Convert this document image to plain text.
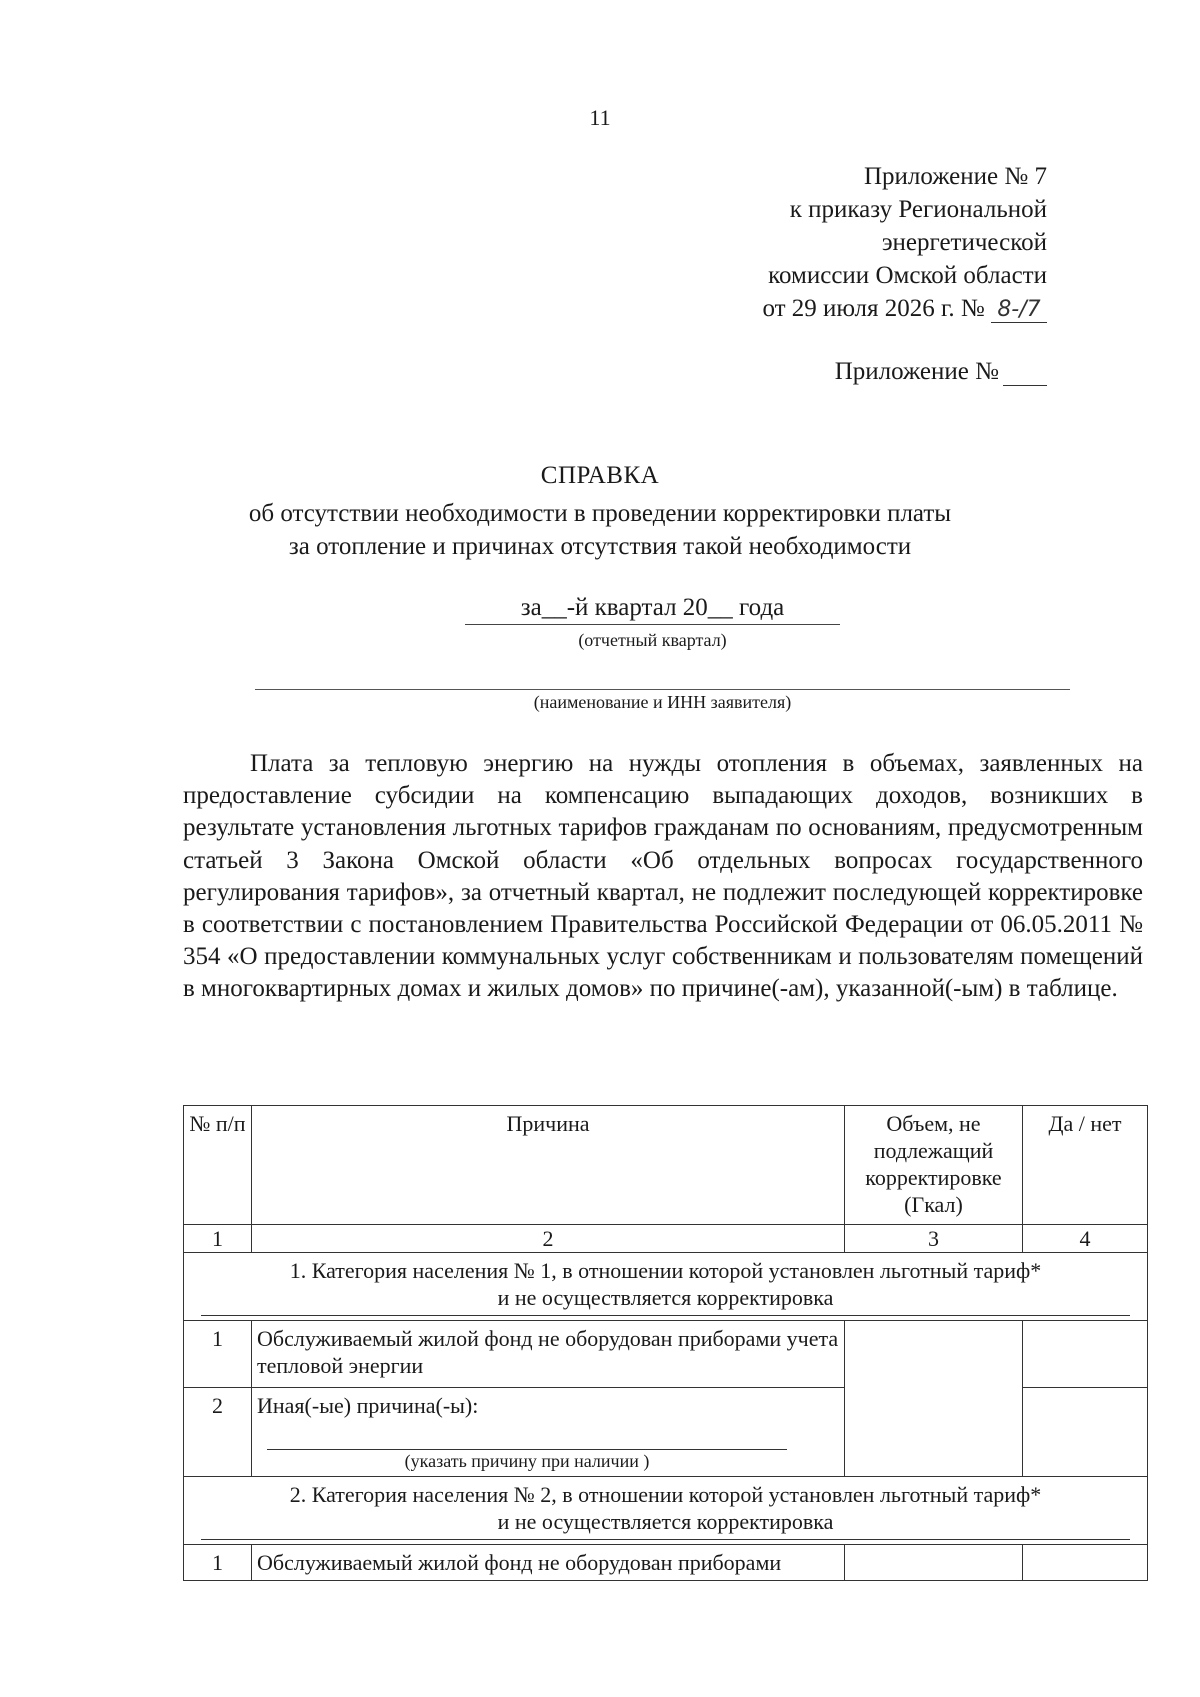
11
Приложение № 7
к приказу Региональной
энергетической
комиссии Омской области
от 29 июля 2026 г. № 8-/7
Приложение №
СПРАВКА
об отсутствии необходимости в проведении корректировки платы
за отопление и причинах отсутствия такой необходимости
за__-й квартал 20__ года
(отчетный квартал)
(наименование и ИНН заявителя)

Плата за тепловую энергию на нужды отопления в объемах, заявленных на предоставление субсидии на компенсацию выпадающих доходов, возникших в результате установления льготных тарифов гражданам по основаниям, предусмотренным статьей 3 Закона Омской области «Об отдельных вопросах государственного регулирования тарифов», за отчетный квартал, не подлежит последующей корректировке в соответствии с постановлением Правительства Российской Федерации от 06.05.2011 № 354 «О предоставлении коммунальных услуг собственникам и пользователям помещений в многоквартирных домах и жилых домов» по причине(-ам), указанной(-ым) в таблице.

№ п/п	Причина	Объем, не подлежащий корректировке (Гкал)	Да / нет
1	2	3	4

1. Категория населения № 1, в отношении которой установлен льготный тариф*
и не осуществляется корректировка			

1	Обслуживаемый жилой фонд не оборудован приборами учета тепловой энергии		
2	Иная(-ые) причина(-ы):
(указать причину при наличии )		

2. Категория населения № 2, в отношении которой установлен льготный тариф*
и не осуществляется корректировка			

1	Обслуживаемый жилой фонд не оборудован приборами		
